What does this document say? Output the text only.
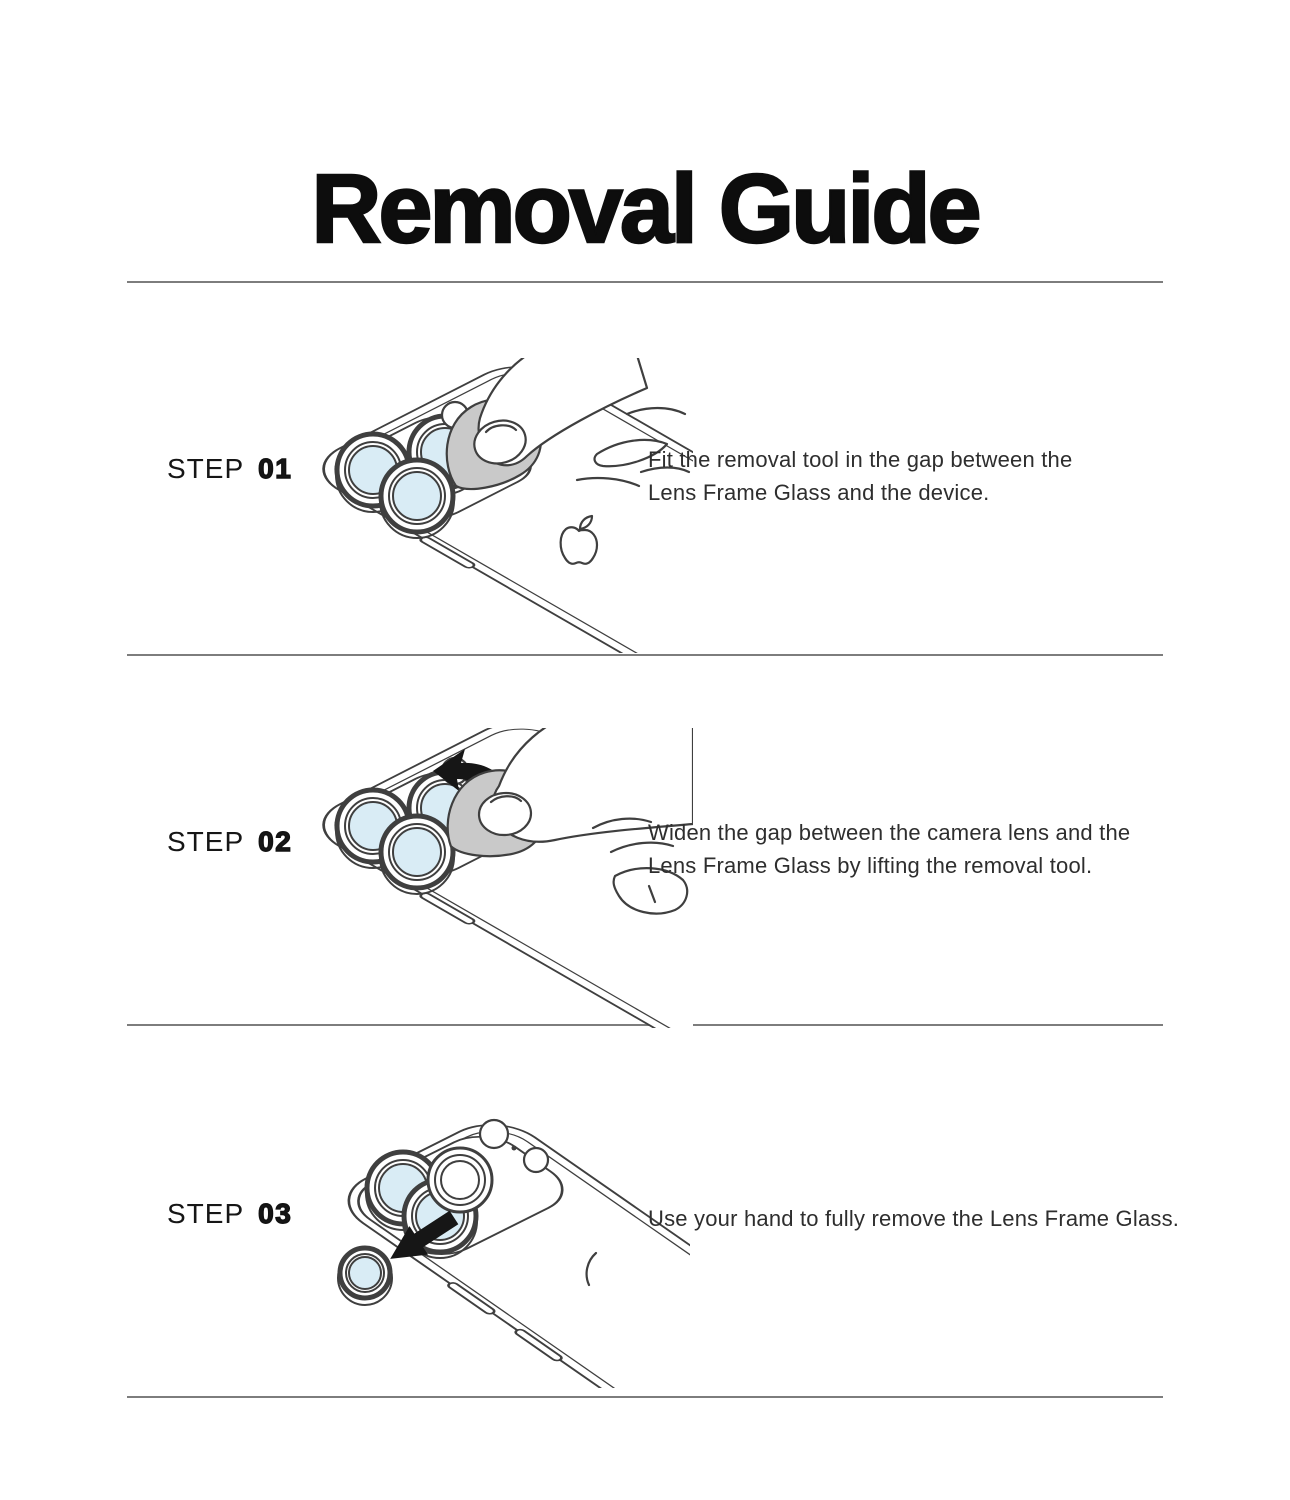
Removal Guide
STEP 01	Fit the removal tool in the gap between the
Lens Frame Glass and the device.
STEP 02	Widen the gap between the camera lens and the
Lens Frame Glass by lifting the removal tool.
STEP 03	Use your hand to fully remove the Lens Frame Glass.
